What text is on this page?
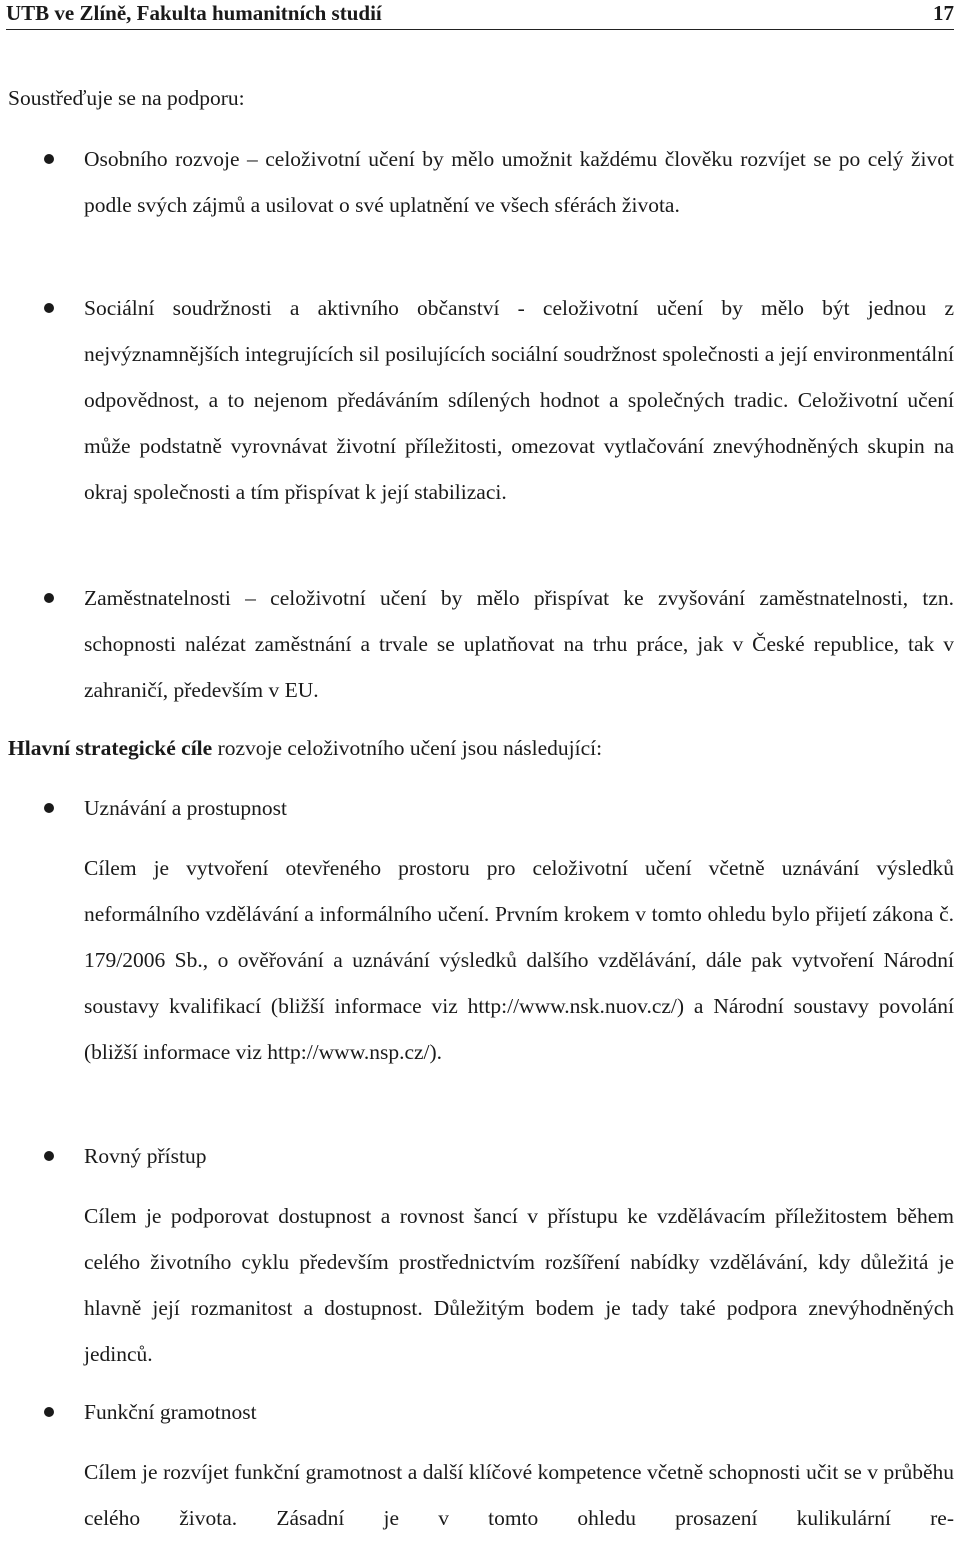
UTB ve Zlíně, Fakulta humanitních studií	17
Soustřeďuje se na podporu:
Osobního rozvoje – celoživotní učení by mělo umožnit každému člověku rozvíjet se po celý život podle svých zájmů a usilovat o své uplatnění ve všech sférách života.
Sociální soudržnosti a aktivního občanství - celoživotní učení by mělo být jednou z nejvýznamnějších integrujících sil posilujících sociální soudržnost společnosti a její environmentální odpovědnost, a to nejenom předáváním sdílených hodnot a společných tradic. Celoživotní učení může podstatně vyrovnávat životní příležitosti, omezovat vytlačování znevýhodněných skupin na okraj společnosti a tím přispívat k její stabilizaci.
Zaměstnatelnosti – celoživotní učení by mělo přispívat ke zvyšování zaměstnatelnosti, tzn. schopnosti nalézat zaměstnání a trvale se uplatňovat na trhu práce, jak v České republice, tak v zahraničí, především v EU.
Hlavní strategické cíle rozvoje celoživotního učení jsou následující:
Uznávání a prostupnost
Cílem je vytvoření otevřeného prostoru pro celoživotní učení včetně uznávání výsledků neformálního vzdělávání a informálního učení. Prvním krokem v tomto ohledu bylo přijetí zákona č. 179/2006 Sb., o ověřování a uznávání výsledků dalšího vzdělávání, dále pak vytvoření Národní soustavy kvalifikací (bližší informace viz http://www.nsk.nuov.cz/) a Národní soustavy povolání (bližší informace viz http://www.nsp.cz/).
Rovný přístup
Cílem je podporovat dostupnost a rovnost šancí v přístupu ke vzdělávacím příležitostem během celého životního cyklu především prostřednictvím rozšíření nabídky vzdělávání, kdy důležitá je hlavně její rozmanitost a dostupnost. Důležitým bodem je tady také podpora znevýhodněných jedinců.
Funkční gramotnost
Cílem je rozvíjet funkční gramotnost a další klíčové kompetence včetně schopnosti učit se v průběhu celého života. Zásadní je v tomto ohledu prosazení kulikulární re-
